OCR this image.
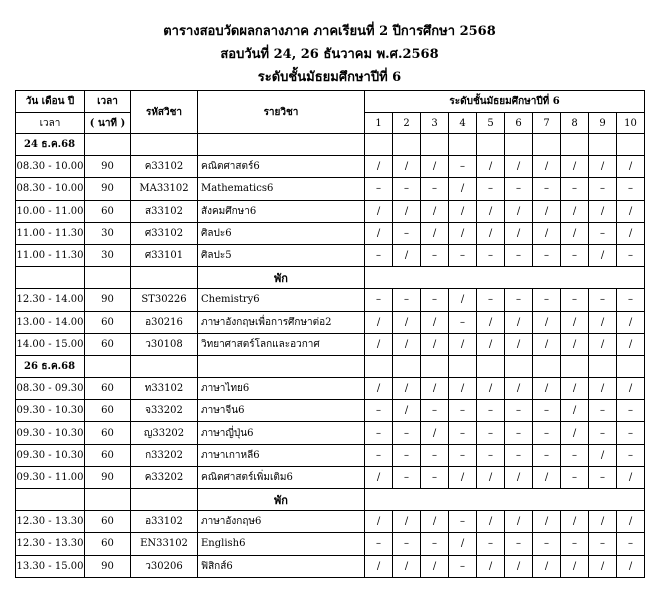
ตารางสอบวัดผลกลางภาค ภาคเรียนที่ 2 ปีการศึกษา 2568
สอบวันที่ 24, 26 ธันวาคม พ.ศ.2568
ระดับชั้นมัธยมศึกษาปีที่ 6
วัน เดือน ปี	เวลา	รหัสวิชา	รายวิชา	ระดับชั้นมัธยมศึกษาปีที่ 6									
เวลา	( นาที )			1	2	3	4	5	6	7	8	9	10
24 ธ.ค.68													
08.30 - 10.00	90	ค33102	คณิตศาสตร์6	/	/	/	–	/	/	/	/	/	/
08.30 - 10.00	90	MA33102	Mathematics6	–	–	–	/	–	–	–	–	–	–
10.00 - 11.00	60	ส33102	สังคมศึกษา6	/	/	/	/	/	/	/	/	/	/
11.00 - 11.30	30	ศ33102	ศิลปะ6	/	–	/	/	/	/	/	/	–	/
11.00 - 11.30	30	ศ33101	ศิลปะ5	–	/	–	–	–	–	–	–	/	–
			พัก										
12.30 - 14.00	90	ST30226	Chemistry6	–	–	–	/	–	–	–	–	–	–
13.00 - 14.00	60	อ30216	ภาษาอังกฤษเพื่อการศึกษาต่อ2	/	/	/	–	/	/	/	/	/	/
14.00 - 15.00	60	ว30108	วิทยาศาสตร์โลกและอวกาศ	/	/	/	/	/	/	/	/	/	/
26 ธ.ค.68													
08.30 - 09.30	60	ท33102	ภาษาไทย6	/	/	/	/	/	/	/	/	/	/
09.30 - 10.30	60	จ33202	ภาษาจีน6	–	/	–	–	–	–	–	/	–	–
09.30 - 10.30	60	ญ33202	ภาษาญี่ปุ่น6	–	–	/	–	–	–	–	/	–	–
09.30 - 10.30	60	ก33202	ภาษาเกาหลี6	–	–	–	–	–	–	–	–	/	–
09.30 - 11.00	90	ค33202	คณิตศาสตร์เพิ่มเติม6	/	–	–	/	/	/	/	–	–	/
			พัก										
12.30 - 13.30	60	อ33102	ภาษาอังกฤษ6	/	/	/	–	/	/	/	/	/	/
12.30 - 13.30	60	EN33102	English6	–	–	–	/	–	–	–	–	–	–
13.30 - 15.00	90	ว30206	ฟิสิกส์6	/	/	/	–	/	/	/	/	/	/
